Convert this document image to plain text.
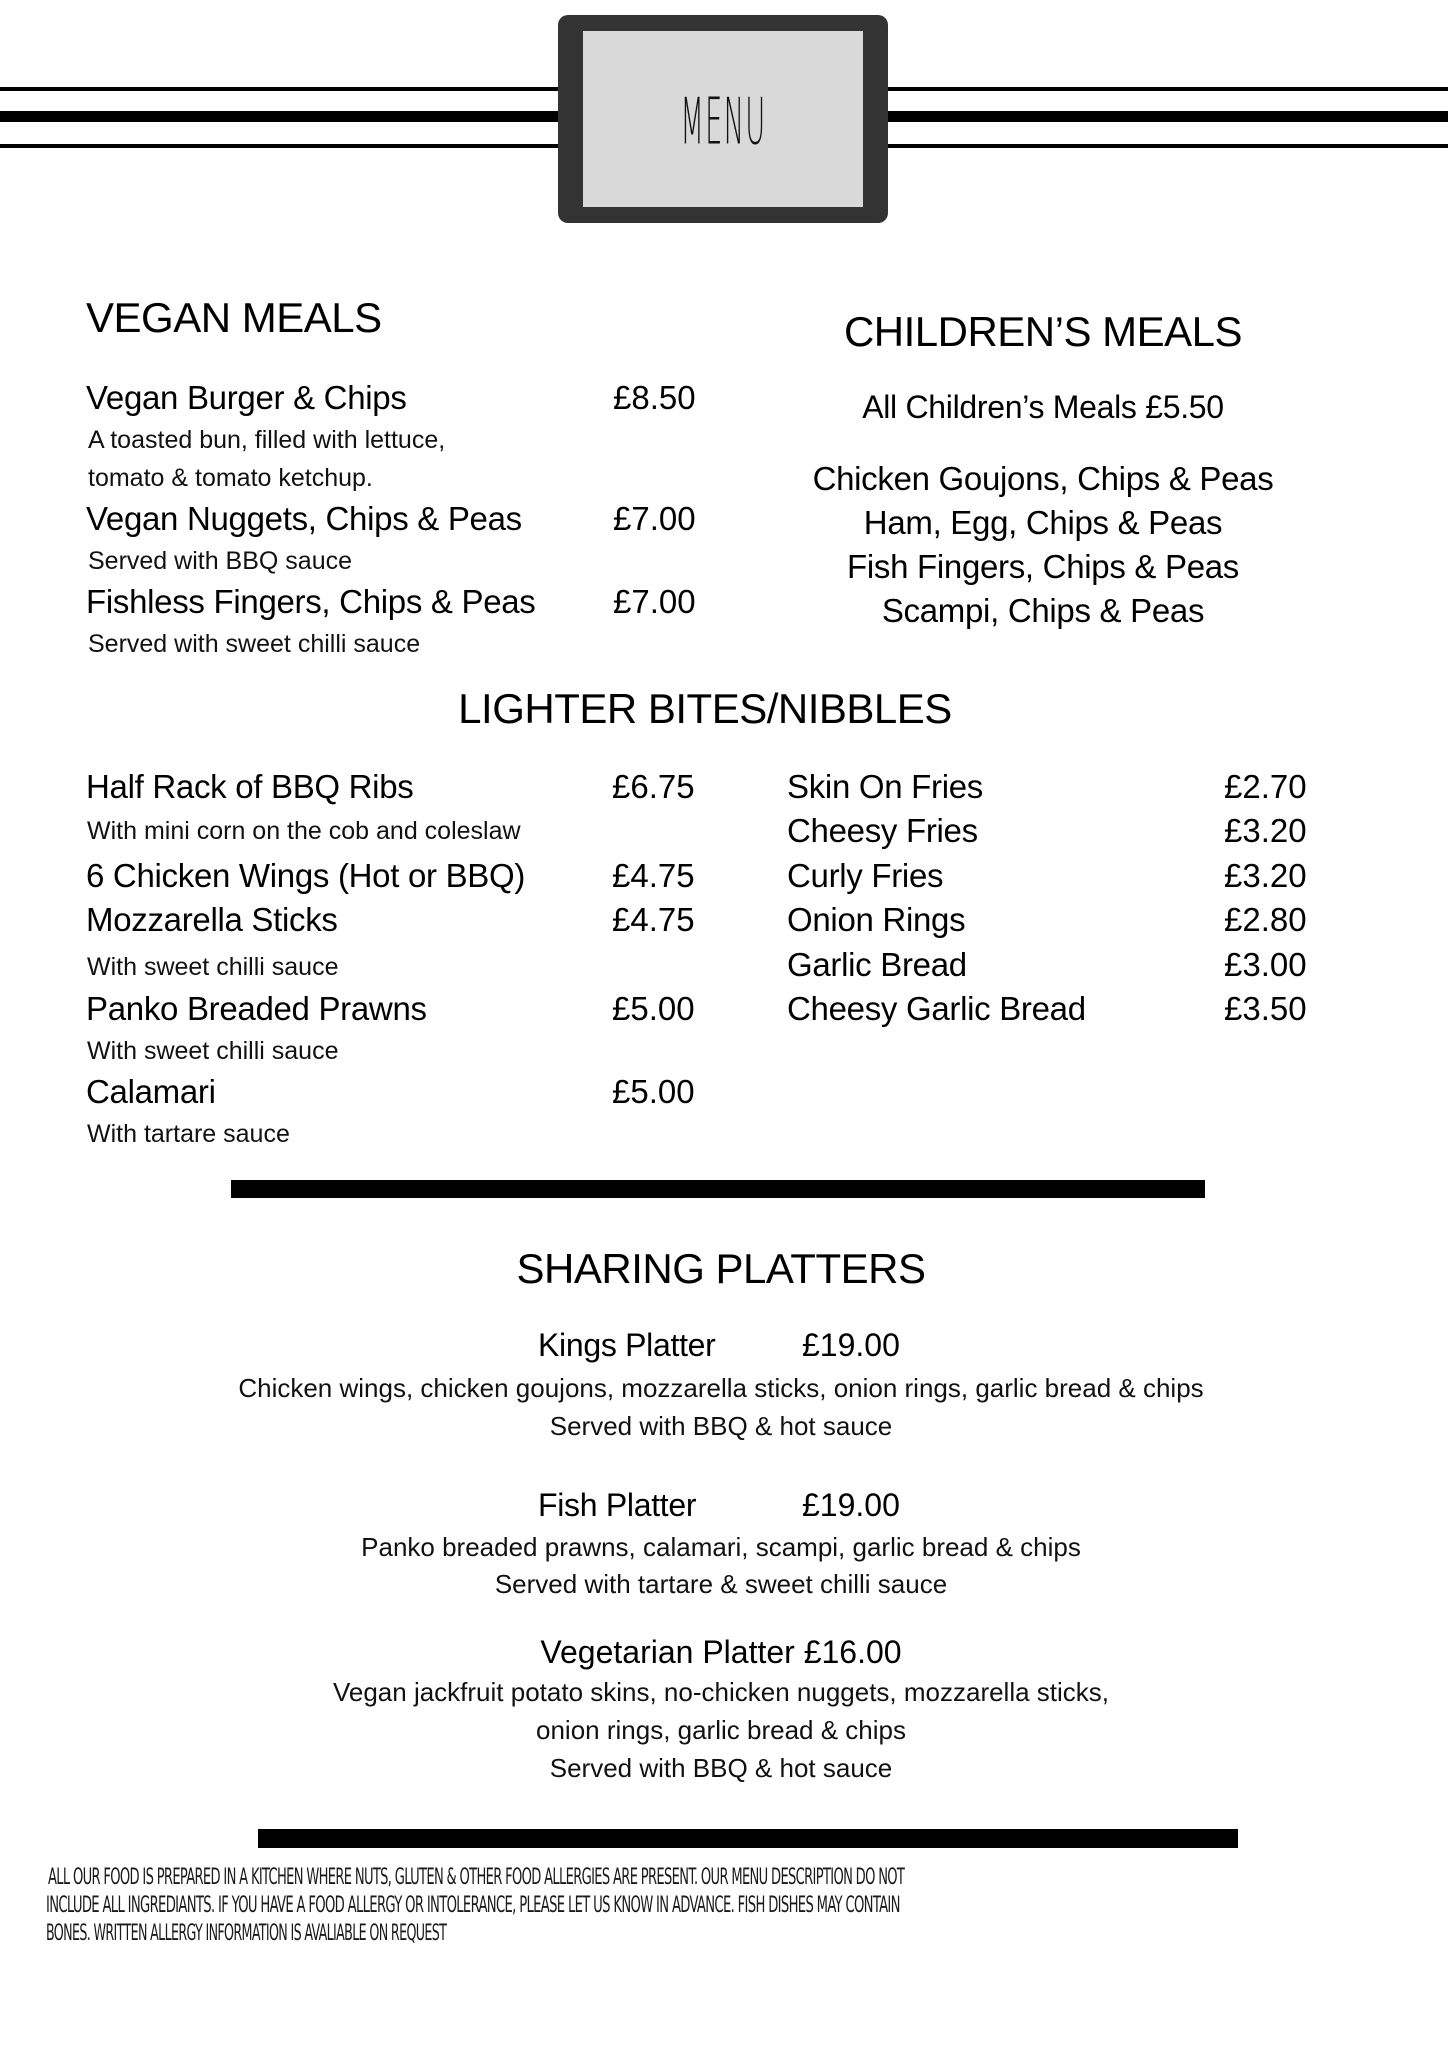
MENU
VEGAN MEALS
Vegan Burger & Chips	£8.50
A toasted bun, filled with lettuce,
tomato & tomato ketchup.
Vegan Nuggets, Chips & Peas	£7.00
Served with BBQ sauce
Fishless Fingers, Chips & Peas £7.00
Served with sweet chilli sauce
CHILDREN’S MEALS
All Children’s Meals £5.50
Chicken Goujons, Chips & Peas
Ham, Egg, Chips & Peas
Fish Fingers, Chips & Peas
Scampi, Chips & Peas
LIGHTER BITES/NIBBLES
Half Rack of BBQ Ribs	£6.75
With mini corn on the cob and coleslaw
6 Chicken Wings (Hot or BBQ)	£4.75
Mozzarella Sticks	£4.75
With sweet chilli sauce
Panko Breaded Prawns	£5.00
With sweet chilli sauce
Calamari	£5.00
With tartare sauce
Skin On Fries	£2.70
Cheesy Fries	£3.20
Curly Fries	£3.20
Onion Rings	£2.80
Garlic Bread	£3.00
Cheesy Garlic Bread	£3.50
SHARING PLATTERS
Kings Platter	£19.00
Chicken wings, chicken goujons, mozzarella sticks, onion rings, garlic bread & chips
Served with BBQ & hot sauce
Fish Platter	£19.00
Panko breaded prawns, calamari, scampi, garlic bread & chips
Served with tartare & sweet chilli sauce
Vegetarian Platter £16.00
Vegan jackfruit potato skins, no-chicken nuggets, mozzarella sticks,
onion rings, garlic bread & chips
Served with BBQ & hot sauce
ALL OUR FOOD IS PREPARED IN A KITCHEN WHERE NUTS, GLUTEN & OTHER FOOD ALLERGIES ARE PRESENT. OUR MENU DESCRIPTION DO NOT
INCLUDE ALL INGREDIANTS. IF YOU HAVE A FOOD ALLERGY OR INTOLERANCE, PLEASE LET US KNOW IN ADVANCE. FISH DISHES MAY CONTAIN
BONES. WRITTEN ALLERGY INFORMATION IS AVALIABLE ON REQUEST
